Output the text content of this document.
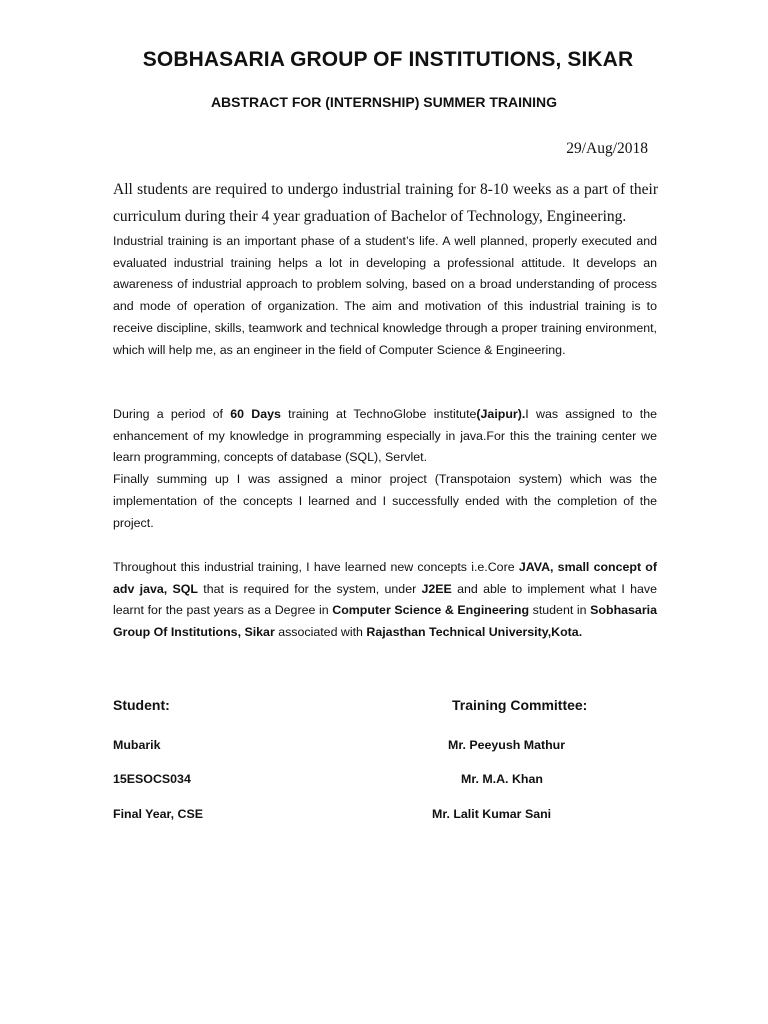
SOBHASARIA GROUP OF INSTITUTIONS, SIKAR
ABSTRACT FOR (INTERNSHIP) SUMMER TRAINING
29/Aug/2018
All students are required to undergo industrial training for 8-10 weeks as a part of their curriculum during their 4 year graduation of Bachelor of Technology, Engineering.

Industrial training is an important phase of a student’s life. A well planned, properly executed and evaluated industrial training helps a lot in developing a professional attitude. It develops an awareness of industrial approach to problem solving, based on a broad understanding of process and mode of operation of organization. The aim and motivation of this industrial training is to receive discipline, skills, teamwork and technical knowledge through a proper training environment, which will help me, as an engineer in the field of Computer Science & Engineering.

During a period of 60 Days training at TechnoGlobe institute(Jaipur).I was assigned to the enhancement of my knowledge in programming especially in java.For this the training center we learn programming, concepts of database (SQL), Servlet.

Finally summing up I was assigned a minor project (Transpotaion system) which was the implementation of the concepts I learned and I successfully ended with the completion of the project.

Throughout this industrial training, I have learned new concepts i.e.Core JAVA, small concept of adv java, SQL that is required for the system, under J2EE and able to implement what I have learnt for the past years as a Degree in Computer Science & Engineering student in Sobhasaria Group Of Institutions, Sikar associated with Rajasthan Technical University,Kota.

Student:	Training Committee:
Mubarik	Mr. Peeyush Mathur
15ESOCS034	Mr. M.A. Khan
Final Year, CSE	Mr. Lalit Kumar Sani
